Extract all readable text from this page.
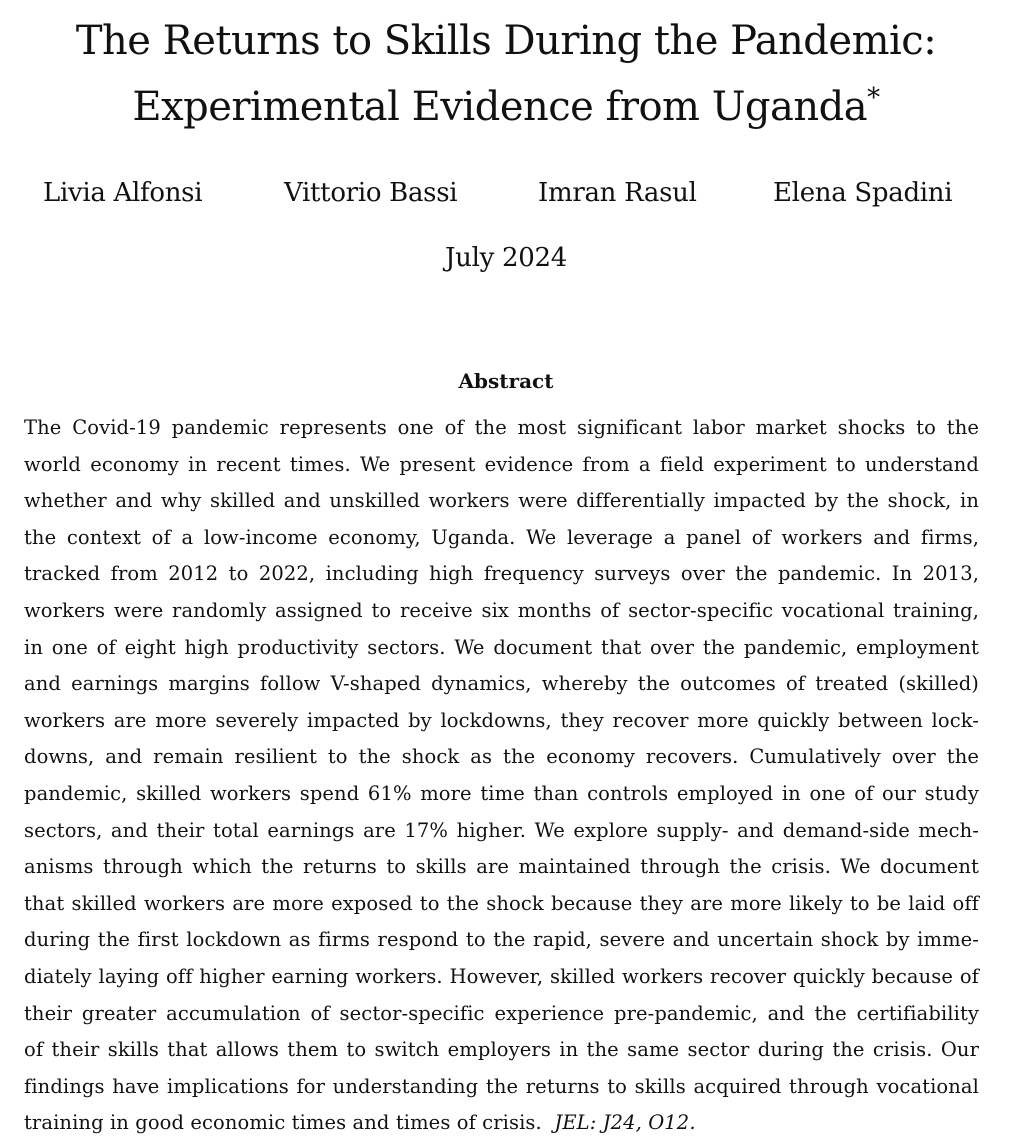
The Returns to Skills During the Pandemic:
Experimental Evidence from Uganda*
Livia Alfonsi	Vittorio Bassi	Imran Rasul	Elena Spadini
July 2024
Abstract
The Covid-19 pandemic represents one of the most significant labor market shocks to the
world economy in recent times. We present evidence from a field experiment to understand
whether and why skilled and unskilled workers were differentially impacted by the shock, in
the context of a low-income economy, Uganda. We leverage a panel of workers and firms,
tracked from 2012 to 2022, including high frequency surveys over the pandemic. In 2013,
workers were randomly assigned to receive six months of sector-specific vocational training,
in one of eight high productivity sectors. We document that over the pandemic, employment
and earnings margins follow V-shaped dynamics, whereby the outcomes of treated (skilled)
workers are more severely impacted by lockdowns, they recover more quickly between lock-
downs, and remain resilient to the shock as the economy recovers. Cumulatively over the
pandemic, skilled workers spend 61% more time than controls employed in one of our study
sectors, and their total earnings are 17% higher. We explore supply- and demand-side mech-
anisms through which the returns to skills are maintained through the crisis. We document
that skilled workers are more exposed to the shock because they are more likely to be laid off
during the first lockdown as firms respond to the rapid, severe and uncertain shock by imme-
diately laying off higher earning workers. However, skilled workers recover quickly because of
their greater accumulation of sector-specific experience pre-pandemic, and the certifiability
of their skills that allows them to switch employers in the same sector during the crisis. Our
findings have implications for understanding the returns to skills acquired through vocational
training in good economic times and times of crisis. JEL: J24, O12.
